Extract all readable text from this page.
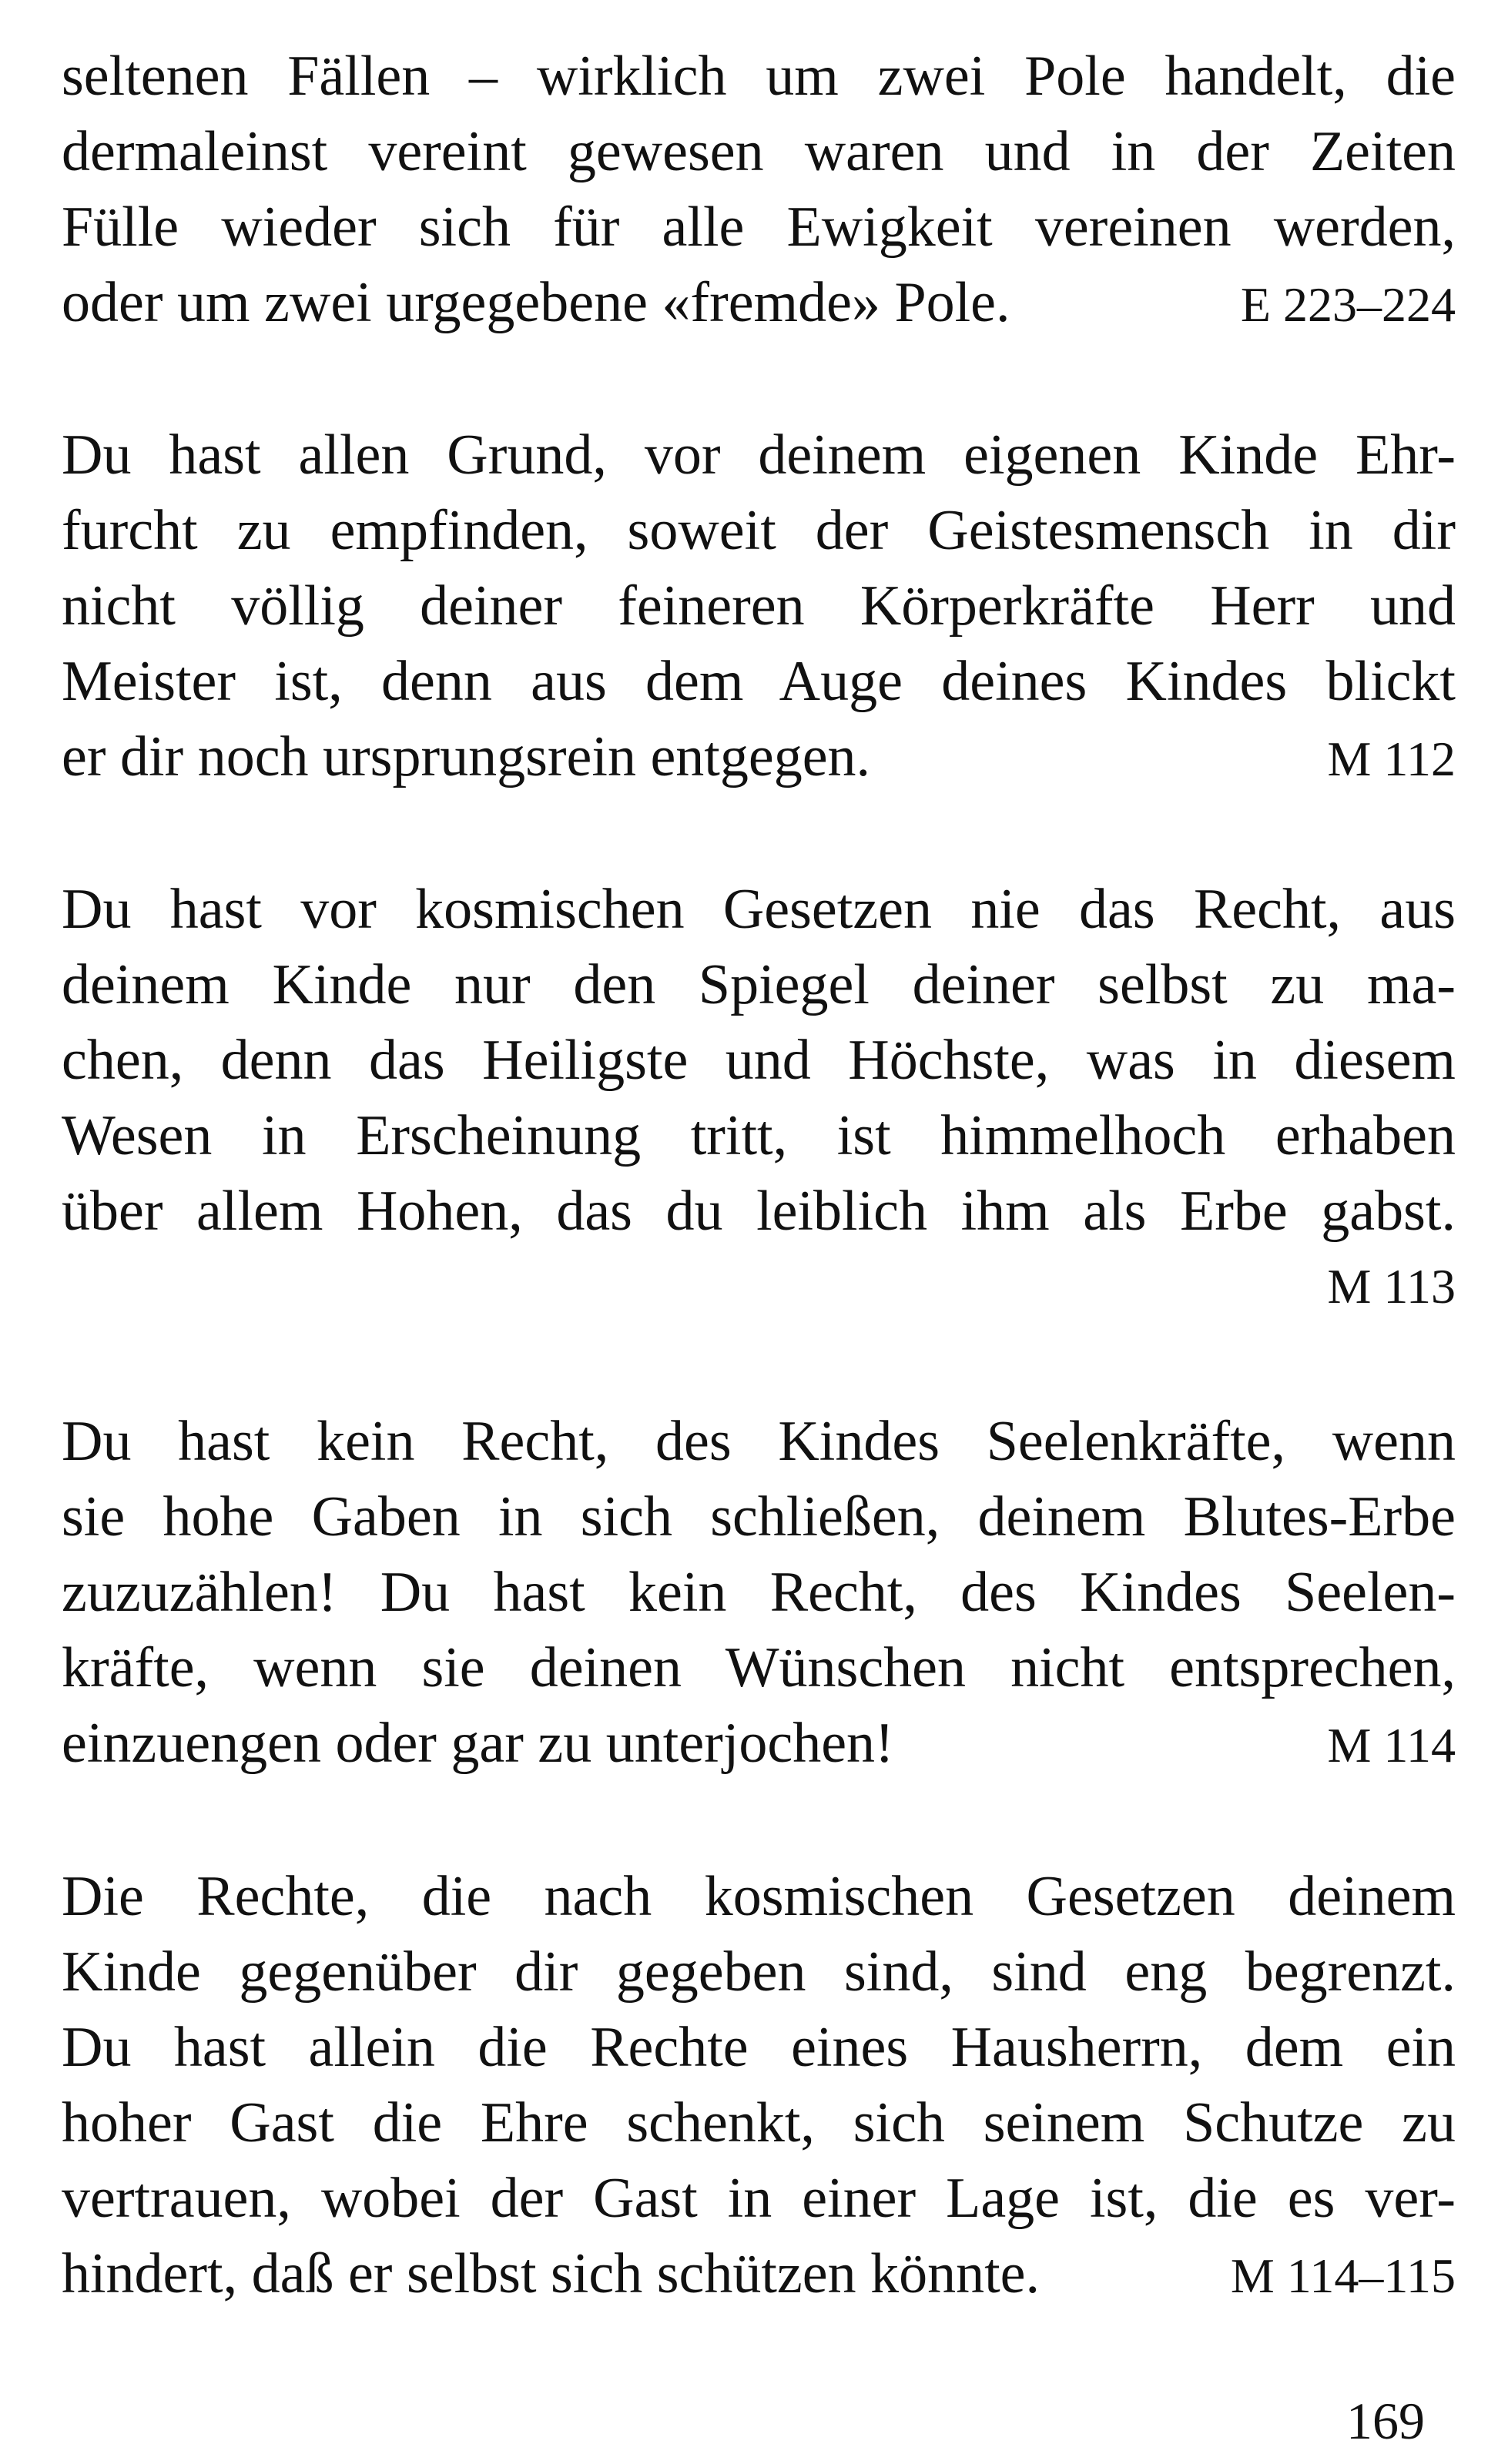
seltenen Fällen – wirklich um zwei Pole handelt, die
dermaleinst vereint gewesen waren und in der Zeiten
Fülle wieder sich für alle Ewigkeit vereinen werden,
oder um zwei urgegebene «fremde» Pole.	E 223–224
Du hast allen Grund, vor deinem eigenen Kinde Ehr-
furcht zu empfinden, soweit der Geistesmensch in dir
nicht völlig deiner feineren Körperkräfte Herr und
Meister ist, denn aus dem Auge deines Kindes blickt
er dir noch ursprungsrein entgegen.	M 112
Du hast vor kosmischen Gesetzen nie das Recht, aus
deinem Kinde nur den Spiegel deiner selbst zu ma-
chen, denn das Heiligste und Höchste, was in diesem
Wesen in Erscheinung tritt, ist himmelhoch erhaben
über allem Hohen, das du leiblich ihm als Erbe gabst.
M 113
Du hast kein Recht, des Kindes Seelenkräfte, wenn
sie hohe Gaben in sich schließen, deinem Blutes-Erbe
zuzuzählen! Du hast kein Recht, des Kindes Seelen-
kräfte, wenn sie deinen Wünschen nicht entsprechen,
einzuengen oder gar zu unterjochen!	M 114
Die Rechte, die nach kosmischen Gesetzen deinem
Kinde gegenüber dir gegeben sind, sind eng begrenzt.
Du hast allein die Rechte eines Hausherrn, dem ein
hoher Gast die Ehre schenkt, sich seinem Schutze zu
vertrauen, wobei der Gast in einer Lage ist, die es ver-
hindert, daß er selbst sich schützen könnte.	M 114–115
169
